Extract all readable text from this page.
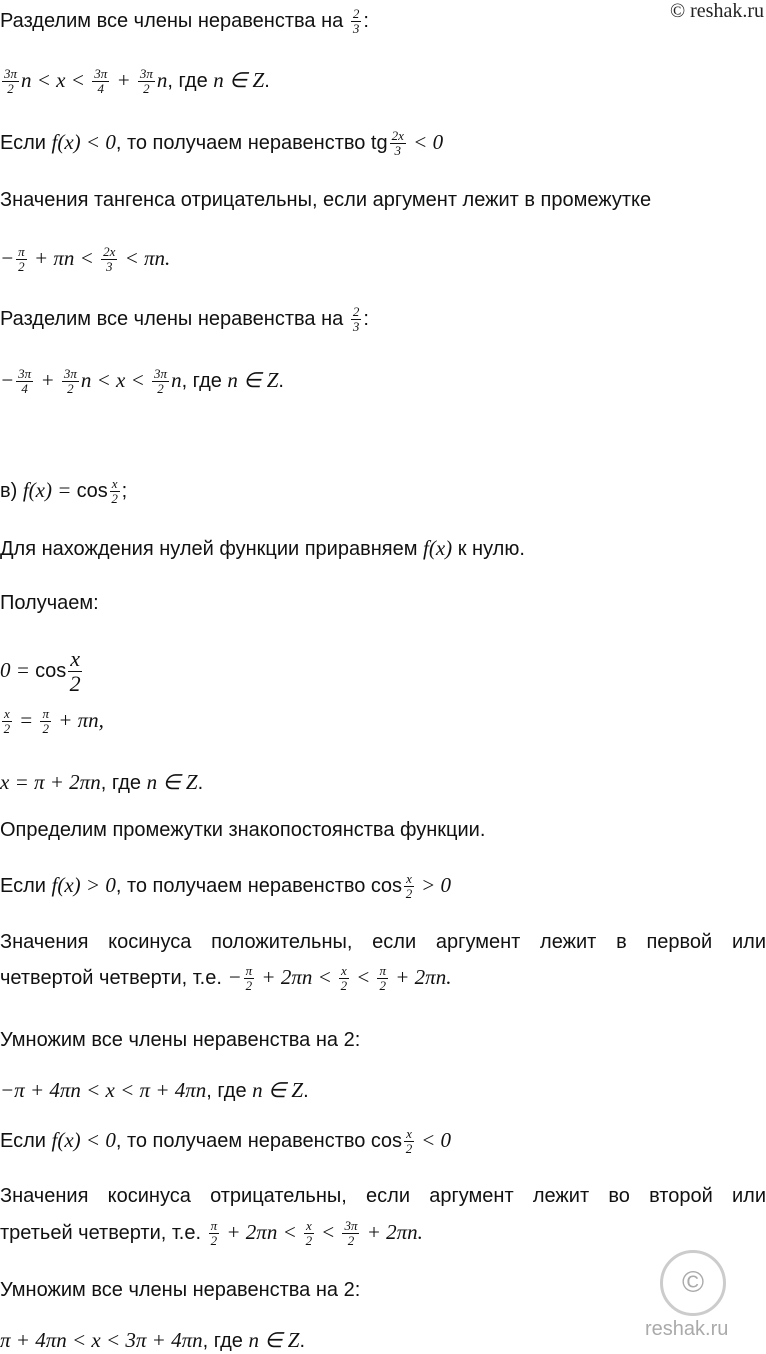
© reshak.ru
©
reshak.ru
Разделим все члены неравенства на $\frac{2}{3}$ :
$\frac{3\pi}{2}$ $n < x < \frac{3\pi}{4} + \frac{3\pi}{2} n$, где n ∈ Z.
Если f(x) < 0, то получаем неравенство tg $\frac{2x}{3} < 0$
Значения тангенса отрицательны, если аргумент лежит в промежутке
− $\frac{\pi}{2} + \pi n < \frac{2x}{3} < \pi n$.
Разделим все члены неравенства на $\frac{2}{3}$ :
− $\frac{3\pi}{4} + \frac{3\pi}{2}$ $n < x < \frac{3\pi}{2} n$, где n ∈ Z.
в) $f(x) = \cos \frac{x}{2}$ ;
Для нахождения нулей функции приравняем f(x) к нулю.
Получаем:
$0 = \cos \frac{x}{2}$
$\frac{x}{2} = \frac{\pi}{2} + \pi n$,
x = π + 2πn, где n ∈ Z.
Определим промежутки знакопостоянства функции.
Если f(x) > 0, то получаем неравенство $\cos \frac{x}{2} > 0$
Значения косинуса положительны, если аргумент лежит в первой или
четвертой четверти, т.е. − $\frac{\pi}{2} + 2\pi n < \frac{x}{2} < \frac{\pi}{2} + 2\pi n$.
Умножим все члены неравенства на 2:
−π + 4πn < x < π + 4πn, где n ∈ Z.
Если f(x) < 0, то получаем неравенство $\cos \frac{x}{2} < 0$
Значения косинуса отрицательны, если аргумент лежит во второй или
третьей четверти, т.е. $\frac{\pi}{2} + 2\pi n < \frac{x}{2} < \frac{3\pi}{2} + 2\pi n$.
Умножим все члены неравенства на 2:
π + 4πn < x < 3π + 4πn, где n ∈ Z.
